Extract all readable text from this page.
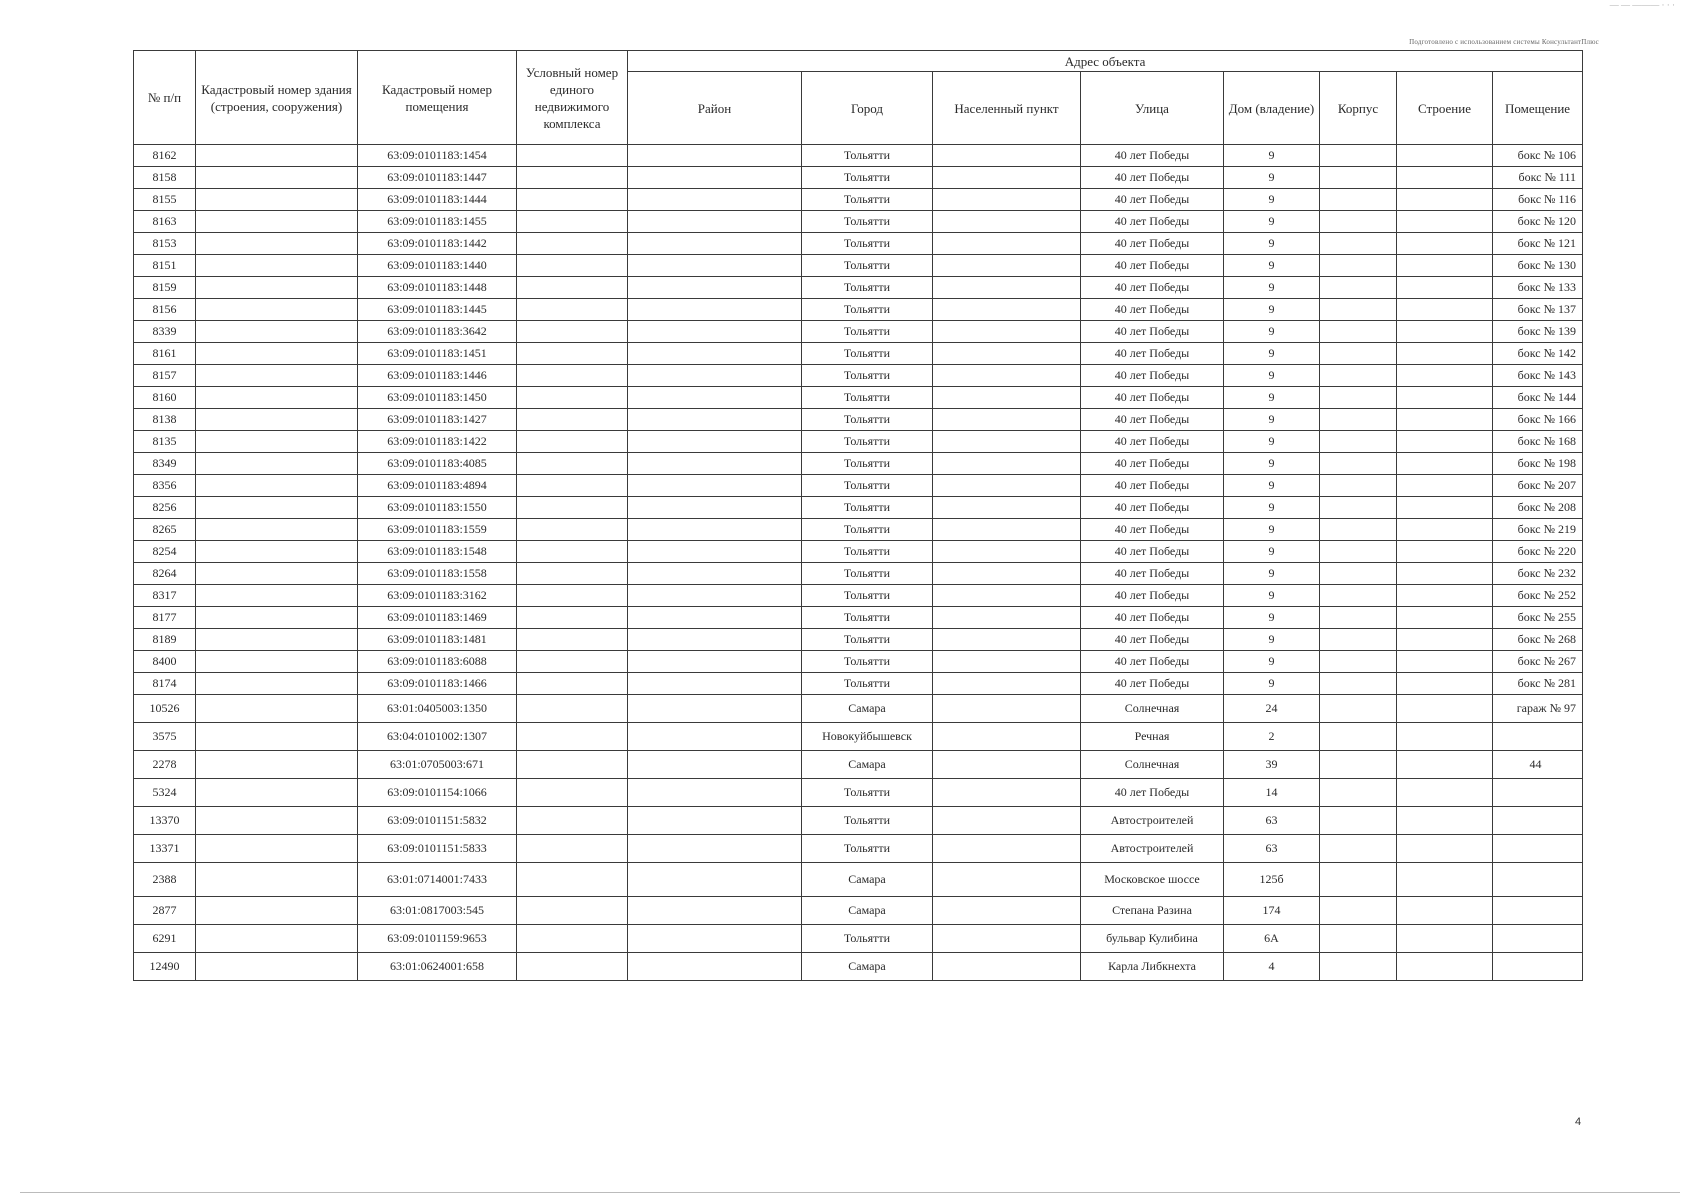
— — ——— · · ·
Подготовлено с использованием системы КонсультантПлюс
№ п/п	Кадастровый номер здания (строения, сооружения)	Кадастровый номер помещения	Условный номер единого недвижимого комплекса	Адрес объекта							
				Район	Город	Населенный пункт	Улица	Дом (владение)	Корпус	Строение	Помещение
8162		63:09:0101183:1454			Тольятти		40 лет Победы	9			бокс № 106
8158		63:09:0101183:1447			Тольятти		40 лет Победы	9			бокс № 111
8155		63:09:0101183:1444			Тольятти		40 лет Победы	9			бокс № 116
8163		63:09:0101183:1455			Тольятти		40 лет Победы	9			бокс № 120
8153		63:09:0101183:1442			Тольятти		40 лет Победы	9			бокс № 121
8151		63:09:0101183:1440			Тольятти		40 лет Победы	9			бокс № 130
8159		63:09:0101183:1448			Тольятти		40 лет Победы	9			бокс № 133
8156		63:09:0101183:1445			Тольятти		40 лет Победы	9			бокс № 137
8339		63:09:0101183:3642			Тольятти		40 лет Победы	9			бокс № 139
8161		63:09:0101183:1451			Тольятти		40 лет Победы	9			бокс № 142
8157		63:09:0101183:1446			Тольятти		40 лет Победы	9			бокс № 143
8160		63:09:0101183:1450			Тольятти		40 лет Победы	9			бокс № 144
8138		63:09:0101183:1427			Тольятти		40 лет Победы	9			бокс № 166
8135		63:09:0101183:1422			Тольятти		40 лет Победы	9			бокс № 168
8349		63:09:0101183:4085			Тольятти		40 лет Победы	9			бокс № 198
8356		63:09:0101183:4894			Тольятти		40 лет Победы	9			бокс № 207
8256		63:09:0101183:1550			Тольятти		40 лет Победы	9			бокс № 208
8265		63:09:0101183:1559			Тольятти		40 лет Победы	9			бокс № 219
8254		63:09:0101183:1548			Тольятти		40 лет Победы	9			бокс № 220
8264		63:09:0101183:1558			Тольятти		40 лет Победы	9			бокс № 232
8317		63:09:0101183:3162			Тольятти		40 лет Победы	9			бокс № 252
8177		63:09:0101183:1469			Тольятти		40 лет Победы	9			бокс № 255
8189		63:09:0101183:1481			Тольятти		40 лет Победы	9			бокс № 268
8400		63:09:0101183:6088			Тольятти		40 лет Победы	9			бокс № 267
8174		63:09:0101183:1466			Тольятти		40 лет Победы	9			бокс № 281
10526		63:01:0405003:1350			Самара		Солнечная	24			гараж № 97
3575		63:04:0101002:1307			Новокуйбышевск		Речная	2			
2278		63:01:0705003:671			Самара		Солнечная	39			44
5324		63:09:0101154:1066			Тольятти		40 лет Победы	14			
13370		63:09:0101151:5832			Тольятти		Автостроителей	63			
13371		63:09:0101151:5833			Тольятти		Автостроителей	63			
2388		63:01:0714001:7433			Самара		Московское шоссе	125б			
2877		63:01:0817003:545			Самара		Степана Разина	174			
6291		63:09:0101159:9653			Тольятти		бульвар Кулибина	6А			
12490		63:01:0624001:658			Самара		Карла Либкнехта	4			
4
